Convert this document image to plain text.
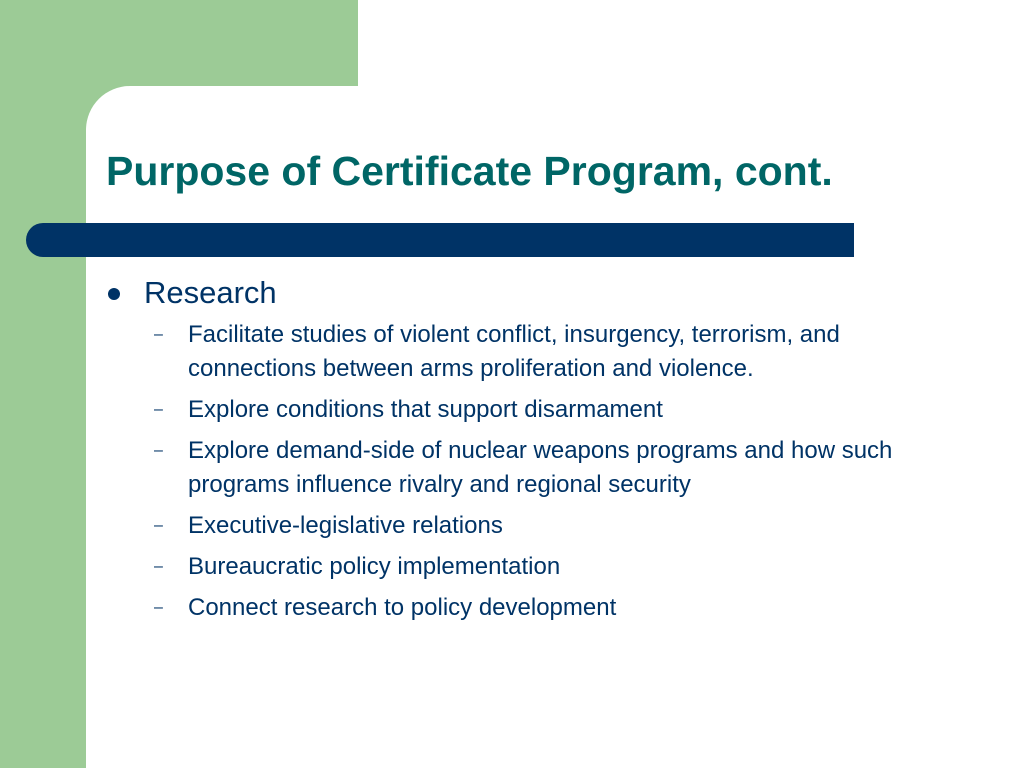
Purpose of Certificate Program, cont.
Research
–	Facilitate studies of violent conflict, insurgency, terrorism, and connections between arms proliferation and violence.
–	Explore conditions that support disarmament
–	Explore demand-side of nuclear weapons programs and how such programs influence rivalry and regional security
–	Executive-legislative relations
–	Bureaucratic policy implementation
–	Connect research to policy development
